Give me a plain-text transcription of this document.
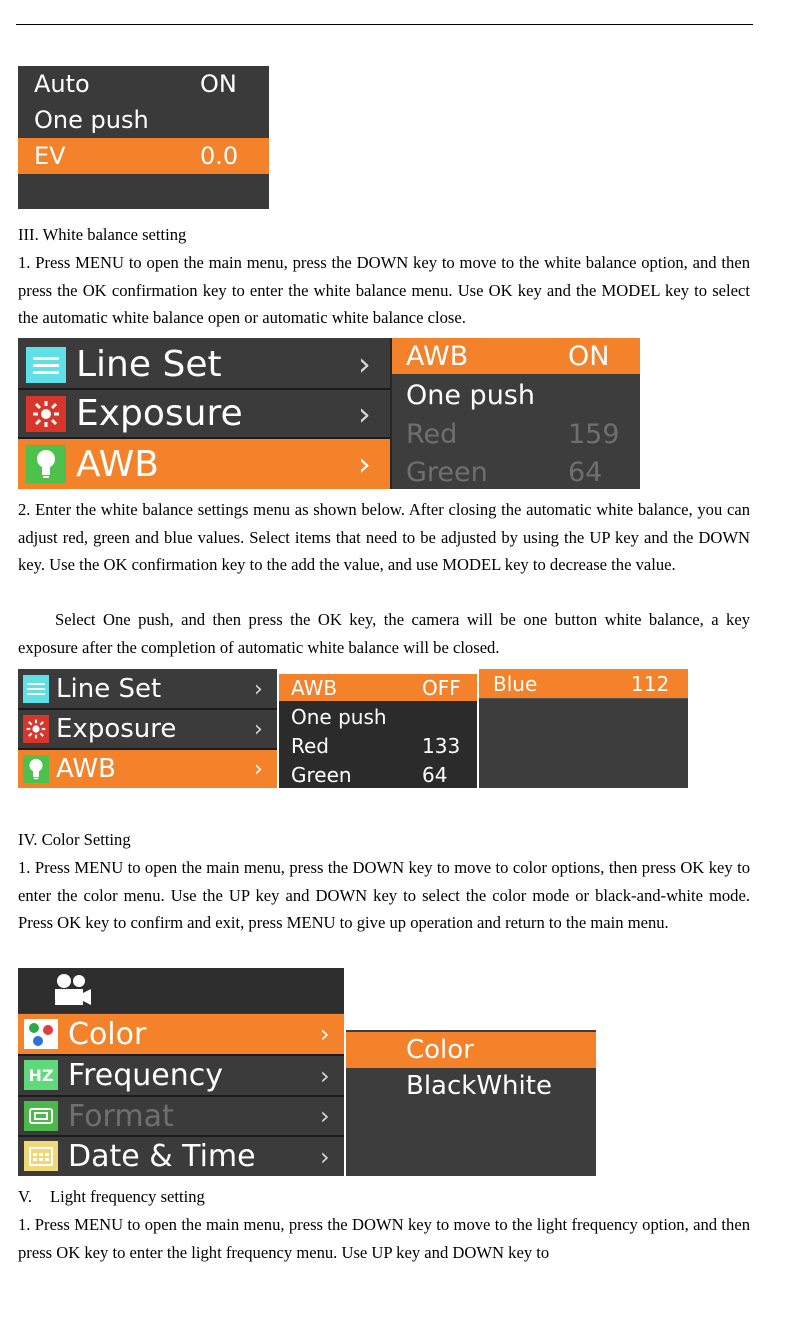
Auto	ON
One push
EV	0.0

III. White balance setting

1. Press MENU to open the main menu, press the DOWN key to move to the white balance option, and then press the OK confirmation key to enter the white balance menu. Use OK key and the MODEL key to select the automatic white balance open or automatic white balance close.

Line Set	›
Exposure	›
AWB	›
AWB	ON
One push
Red	159
Green	64

2. Enter the white balance settings menu as shown below. After closing the automatic white balance, you can adjust red, green and blue values. Select items that need to be adjusted by using the UP key and the DOWN key. Use the OK confirmation key to the add the value, and use MODEL key to decrease the value.

Select One push, and then press the OK key, the camera will be one button white balance, a key exposure after the completion of automatic white balance will be closed.

Line Set	›
Exposure	›
AWB	›
AWB	OFF
One push
Red	133
Green	64
Blue	112

IV. Color Setting

1. Press MENU to open the main menu, press the DOWN key to move to color options, then press OK key to enter the color menu. Use the UP key and DOWN key to select the color mode or black-and-white mode. Press OK key to confirm and exit, press MENU to give up operation and return to the main menu.

Color	›
HZ Frequency	›
Format	›
Date & Time	›
Color
BlackWhite

V. Light frequency setting

1. Press MENU to open the main menu, press the DOWN key to move to the light frequency option, and then press OK key to enter the light frequency menu. Use UP key and DOWN key to
